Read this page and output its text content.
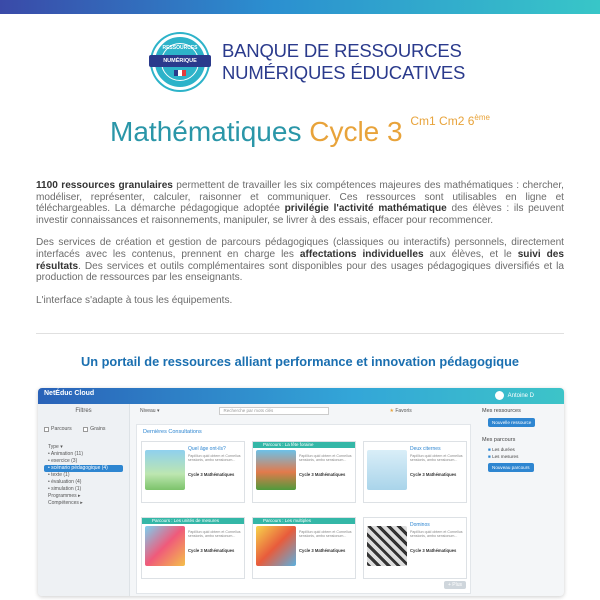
RESSOURCES
NUMÉRIQUE	BANQUE DE RESSOURCES
NUMÉRIQUES ÉDUCATIVES
Mathématiques Cycle 3 $^{Cm1 Cm2 6^{ème}}$

1100 ressources granulaires permettent de travailler les six compétences majeures des mathématiques : chercher, modéliser, représenter, calculer, raisonner et communiquer. Ces ressources sont utilisables en ligne et téléchargeables. La démarche pédagogique adoptée privilégie l'activité mathématique des élèves : ils peuvent investir connaissances et raisonnements, manipuler, se livrer à des essais, effacer pour recommencer.

Des services de création et gestion de parcours pédagogiques (classiques ou interactifs) personnels, directement interfacés avec les contenus, prennent en charge les affectations individuelles aux élèves, et le suivi des résultats. Des services et outils complémentaires sont disponibles pour des usages pédagogiques diversifiés et la production de ressources par les enseignants.

L'interface s'adapte à tous les équipements.

Un portail de ressources alliant performance et innovation pédagogique
NetÉduc Cloud	Antoine D
Filtres
Parcours
	Grains
Type ▾
• Animation (11)
• exercice (3)
• scénario pédagogique (4)
• texte (1)
• évaluation (4)
• simulation (1)
Programmes ▸
Compétences ▸
Niveau ▾	Recherche par mots clés	★ Favoris
Dernières Consultations
Quel âge ont-ils?
Papilliun quid obtem et Cornelius sensionis, ambo sensionum...
Cycle 3 Mathématiques
Parcours : La fête foraine
Papilliun quid obtem et Cornelius sensionis, ambo sensionum...
Cycle 3 Mathématiques
Deux citernes
Papilliun quid obtem et Cornelius sensionis, ambo sensionum...
Cycle 3 Mathématiques
Parcours : Les unités de mesures
Papilliun quid obtem et Cornelius sensionis, ambo sensionum...
Cycle 3 Mathématiques
Parcours : Les multiples
Papilliun quid obtem et Cornelius sensionis, ambo sensionum...
Cycle 3 Mathématiques
Dominos
Papilliun quid obtem et Cornelius sensionis, ambo sensionum...
Cycle 3 Mathématiques
+ Plus
Mes ressources
Nouvelle ressource
Mes parcours
■ Les durées
■ Les mesures
Nouveau parcours
